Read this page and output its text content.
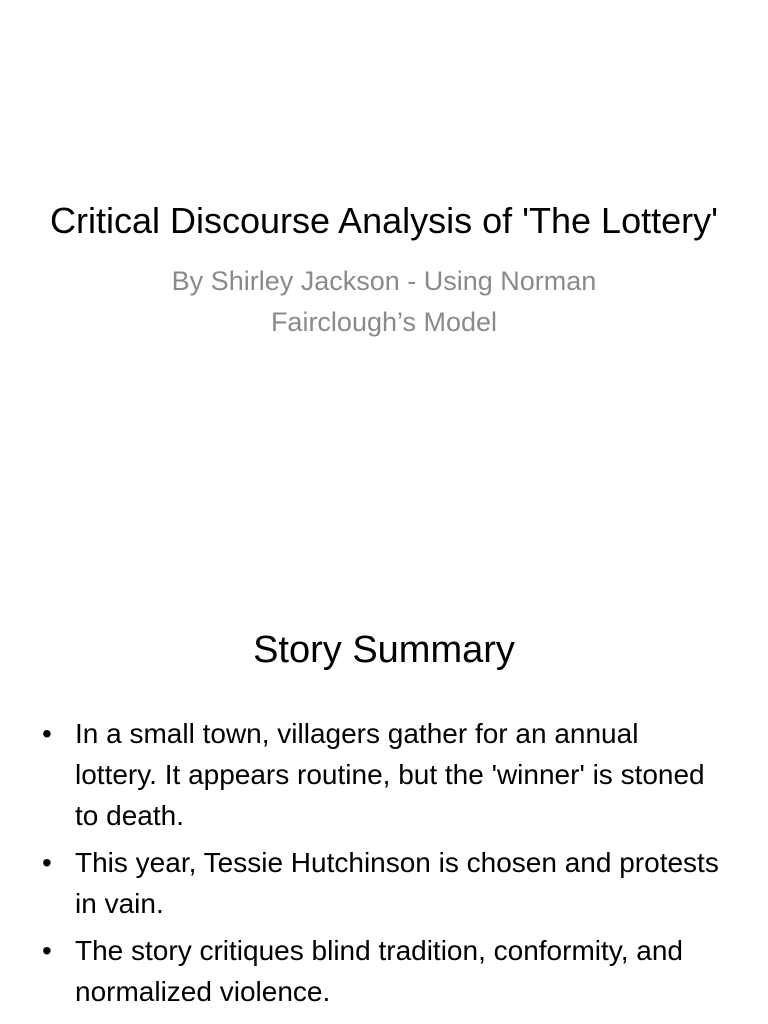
Critical Discourse Analysis of 'The Lottery'
By Shirley Jackson - Using Norman Fairclough’s Model
Story Summary
• In a small town, villagers gather for an annual lottery. It appears routine, but the 'winner' is stoned to death.
• This year, Tessie Hutchinson is chosen and protests in vain.
• The story critiques blind tradition, conformity, and normalized violence.
